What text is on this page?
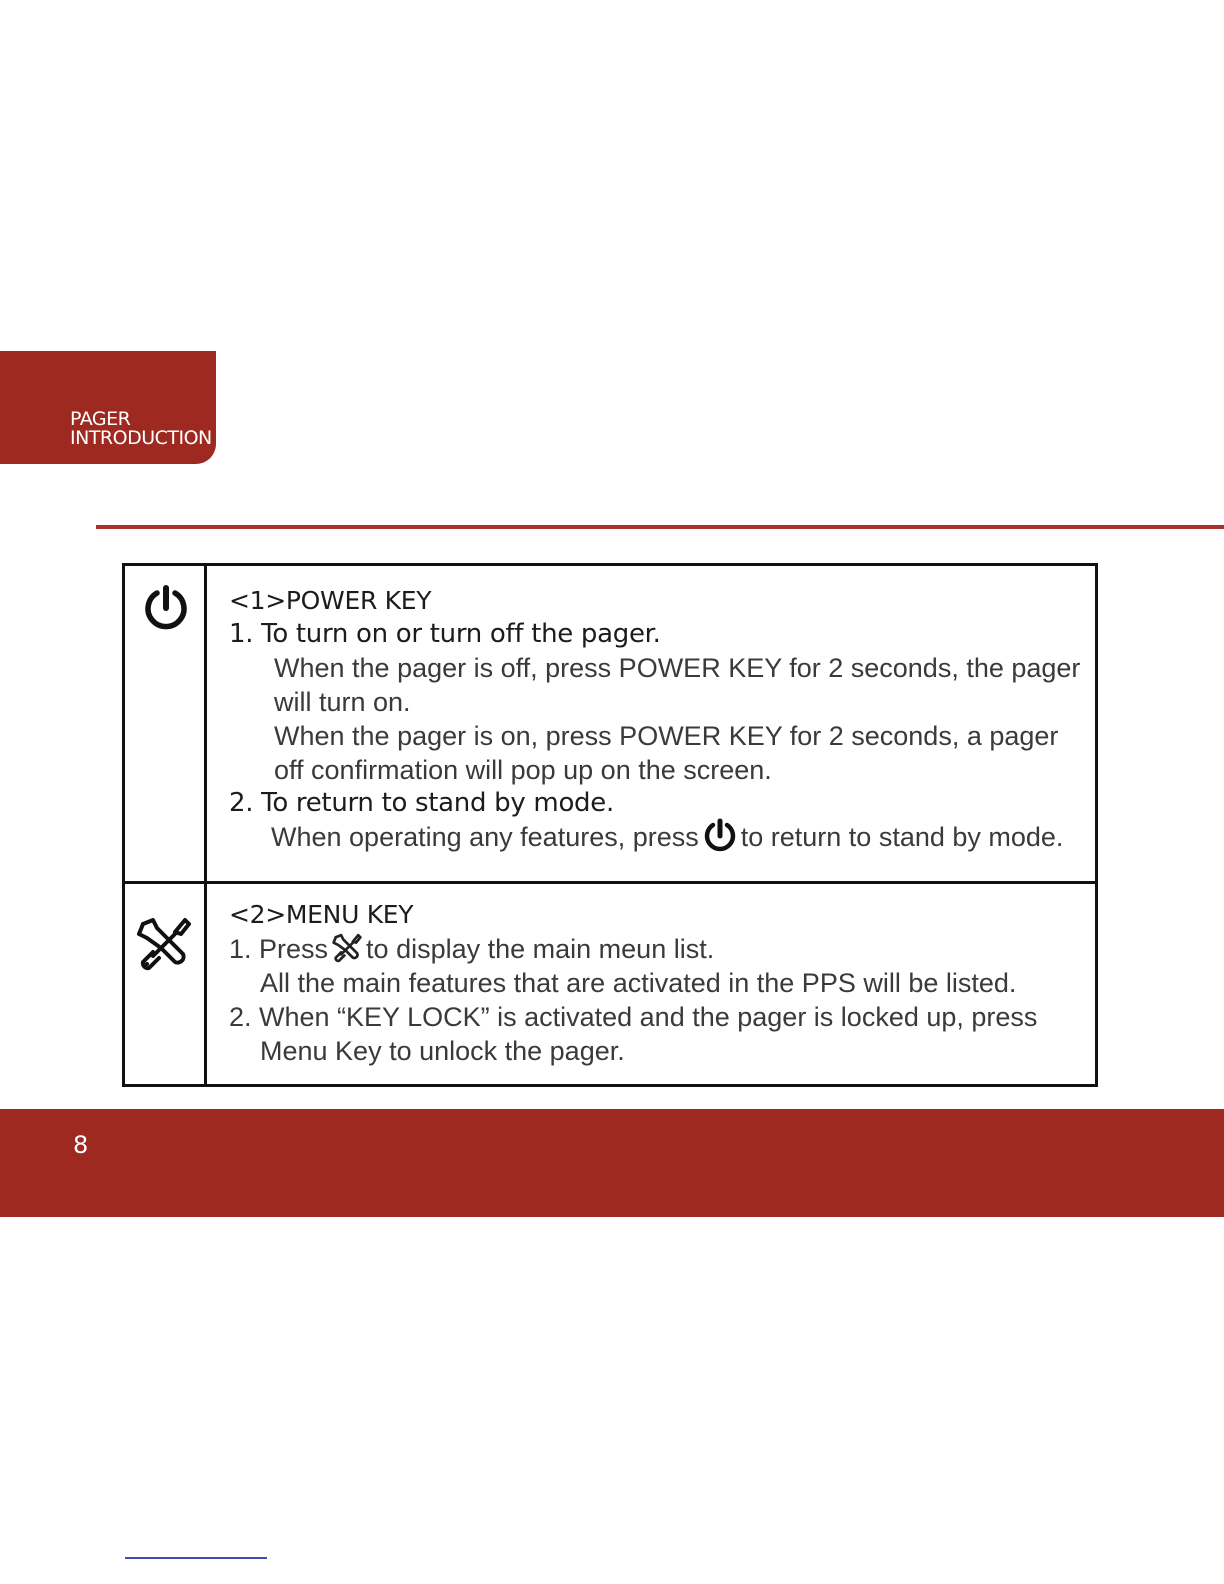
PAGER
INTRODUCTION
<1>POWER KEY
1. To turn on or turn off the pager.
When the pager is off, press POWER KEY for 2 seconds, the pager
will turn on.
When the pager is on, press POWER KEY for 2 seconds, a pager
off confirmation will pop up on the screen.
2. To return to stand by mode.
When operating any features, press to return to stand by mode.
<2>MENU KEY
1. Press to display the main meun list.
All the main features that are activated in the PPS will be listed.
2. When “KEY LOCK” is activated and the pager is locked up, press
Menu Key to unlock the pager.
8
